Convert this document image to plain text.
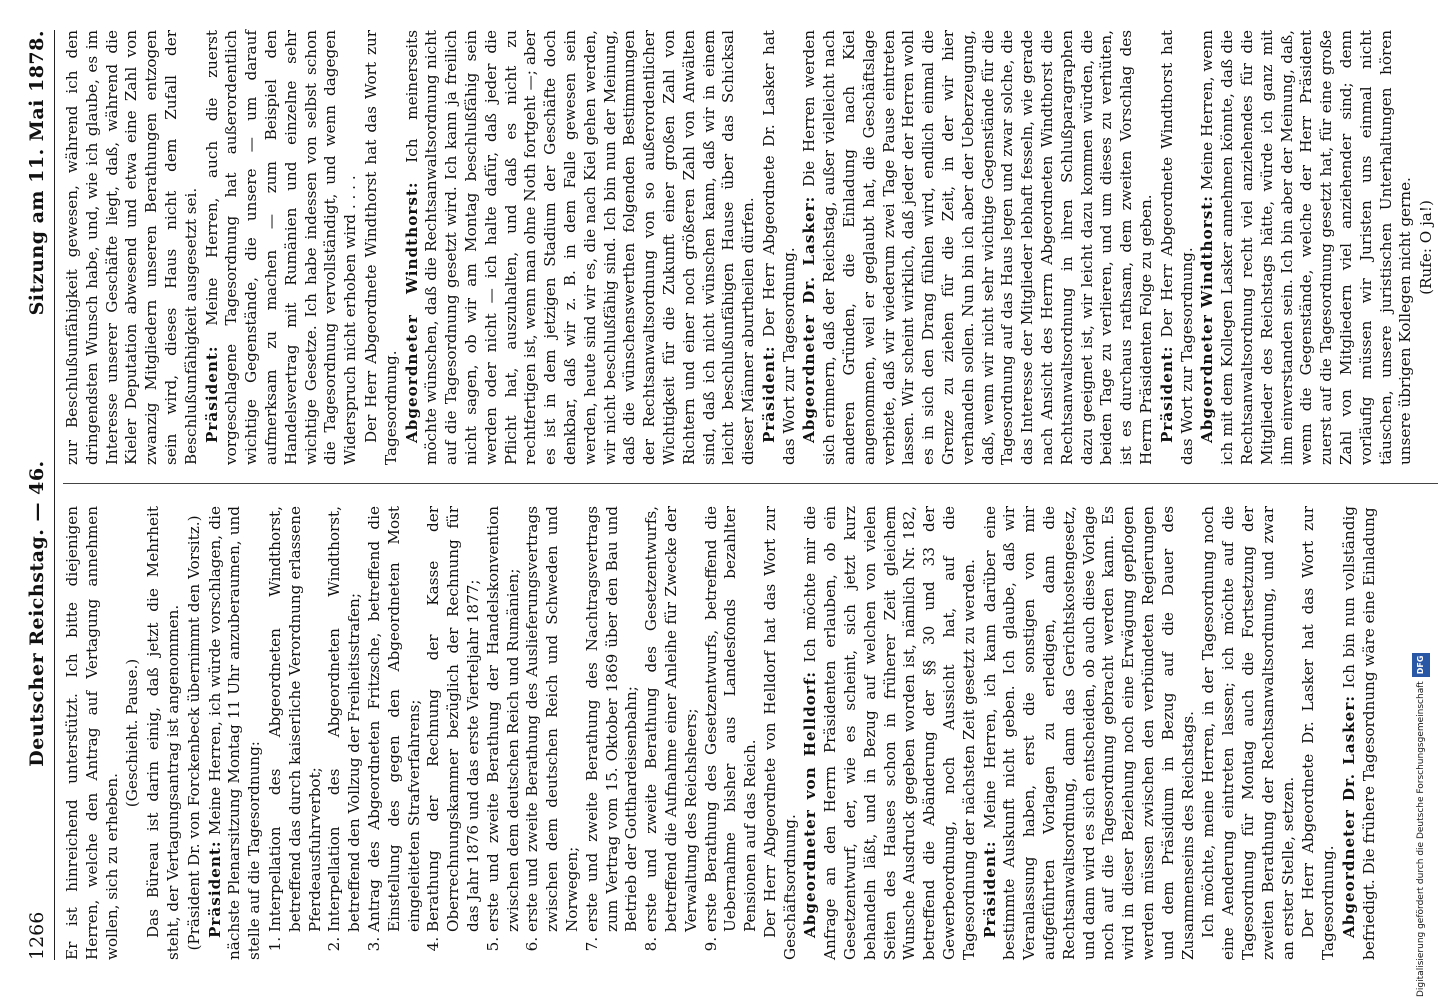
1266
Deutscher Reichstag. — 46.
Sitzung am 11. Mai 1878.

Er ist hinreichend unterstützt. Ich bitte diejenigen Herren, welche den Antrag auf Vertagung annehmen wollen, sich zu erheben.

(Geschieht. Pause.) Das Büreau ist darin einig, daß jetzt die Mehrheit steht, der Vertagungsantrag ist angenommen. (Präsident Dr. von Forckenbeck übernimmt den Vorsitz.) Präsident: Meine Herren, ich würde vorschlagen, die nächste Plenarsitzung Montag 11 Uhr anzuberaumen, und stelle auf die Tagesordnung: 1. Interpellation des Abgeordneten Windthorst, betreffend das durch kaiserliche Verordnung erlassene Pferdeausfuhrverbot; 2. Interpellation des Abgeordneten Windthorst, betreffend den Vollzug der Freiheitsstrafen; 3. Antrag des Abgeordneten Fritzsche, betreffend die Einstellung des gegen den Abgeordneten Most eingeleiteten Strafverfahrens; 4. Berathung der Rechnung der Kasse der Oberrechnungskammer bezüglich der Rechnung für das Jahr 1876 und das erste Vierteljahr 1877; 5. erste und zweite Berathung der Handelskonvention zwischen dem deutschen Reich und Rumänien; 6. erste und zweite Berathung des Auslieferungsvertrags zwischen dem deutschen Reich und Schweden und Norwegen; 7. erste und zweite Berathung des Nachtragsvertrags zum Vertrag vom 15. Oktober 1869 über den Bau und Betrieb der Gotthardeisenbahn; 8. erste und zweite Berathung des Gesetzentwurfs, betreffend die Aufnahme einer Anleihe für Zwecke der Verwaltung des Reichsheers; 9. erste Berathung des Gesetzentwurfs, betreffend die Uebernahme bisher aus Landesfonds bezahlter Pensionen auf das Reich. Der Herr Abgeordnete von Helldorf hat das Wort zur Geschäftsordnung. Abgeordneter von Helldorf: Ich möchte mir die Anfrage an den Herrn Präsidenten erlauben, ob ein Gesetzentwurf, der, wie es scheint, sich jetzt kurz behandeln läßt, und in Bezug auf welchen von vielen Seiten des Hauses schon in früherer Zeit gleichem Wunsche Ausdruck gegeben worden ist, nämlich Nr. 182, betreffend die Abänderung der §§ 30 und 33 der Gewerbeordnung, noch Aussicht hat, auf die Tagesordnung der nächsten Zeit gesetzt zu werden. Präsident: Meine Herren, ich kann darüber eine bestimmte Auskunft nicht geben. Ich glaube, daß wir Veranlassung haben, erst die sonstigen von mir aufgeführten Vorlagen zu erledigen, dann die Rechtsanwaltsordnung, dann das Gerichtskostengesetz, und dann wird es sich entscheiden, ob auch diese Vorlage noch auf die Tagesordnung gebracht werden kann. Es wird in dieser Beziehung noch eine Erwägung gepflogen werden müssen zwischen den verbündeten Regierungen und dem Präsidium in Bezug auf die Dauer des Zusammenseins des Reichstags. Ich möchte, meine Herren, in der Tagesordnung noch eine Aenderung eintreten lassen; ich möchte auf die Tagesordnung für Montag auch die Fortsetzung der zweiten Berathung der Rechtsanwaltsordnung, und zwar an erster Stelle, setzen. Der Herr Abgeordnete Dr. Lasker hat das Wort zur Tagesordnung. Abgeordneter Dr. Lasker: Ich bin nun vollständig befriedigt. Die frühere Tagesordnung wäre eine Einladung

zur Beschlußunfähigkeit gewesen, während ich den dringendsten Wunsch habe, und, wie ich glaube, es im Interesse unserer Geschäfte liegt, daß, während die Kieler Deputation abwesend und etwa eine Zahl von zwanzig Mitgliedern unseren Berathungen entzogen sein wird, dieses Haus nicht dem Zufall der Beschlußunfähigkeit ausgesetzt sei. Präsident: Meine Herren, auch die zuerst vorgeschlagene Tagesordnung hat außerordentlich wichtige Gegenstände, die unsere — um darauf aufmerksam zu machen — zum Beispiel den Handelsvertrag mit Rumänien und einzelne sehr wichtige Gesetze. Ich habe indessen von selbst schon die Tagesordnung vervollständigt, und wenn dagegen Widerspruch nicht erhoben wird . . . . Der Herr Abgeordnete Windthorst hat das Wort zur Tagesordnung. Abgeordneter Windthorst: Ich meinerseits möchte wünschen, daß die Rechtsanwaltsordnung nicht auf die Tagesordnung gesetzt wird. Ich kann ja freilich nicht sagen, ob wir am Montag beschlußfähig sein werden oder nicht — ich halte dafür, daß jeder die Pflicht hat, auszuhalten, und daß es nicht zu rechtfertigen ist, wenn man ohne Noth fortgeht —; aber es ist in dem jetzigen Stadium der Geschäfte doch denkbar, daß wir z. B. in dem Falle gewesen sein werden, heute sind wir es, die nach Kiel gehen werden, wir nicht beschlußfähig sind. Ich bin nun der Meinung, daß die wünschenswerthen folgenden Bestimmungen der Rechtsanwaltsordnung von so außerordentlicher Wichtigkeit für die Zukunft einer großen Zahl von Richtern und einer noch größeren Zahl von Anwälten sind, daß ich nicht wünschen kann, daß wir in einem leicht beschlußunfähigen Hause über das Schicksal dieser Männer aburtheilen dürfen. Präsident: Der Herr Abgeordnete Dr. Lasker hat das Wort zur Tagesordnung. Abgeordneter Dr. Lasker: Die Herren werden sich erinnern, daß der Reichstag, außer vielleicht nach anderen Gründen, die Einladung nach Kiel angenommen, weil er geglaubt hat, die Geschäftslage verbiete, daß wir wiederum zwei Tage Pause eintreten lassen. Wir scheint wirklich, daß jeder der Herren wohl es in sich den Drang fühlen wird, endlich einmal die Grenze zu ziehen für die Zeit, in der wir hier verhandeln sollen. Nun bin ich aber der Ueberzeugung, daß, wenn wir nicht sehr wichtige Gegenstände für die Tagesordnung auf das Haus legen und zwar solche, die das Interesse der Mitglieder lebhaft fesseln, wie gerade nach Ansicht des Herrn Abgeordneten Windthorst die Rechtsanwaltsordnung in ihren Schlußparagraphen dazu geeignet ist, wir leicht dazu kommen würden, die beiden Tage zu verlieren, und um dieses zu verhüten, ist es durchaus rathsam, dem zweiten Vorschlag des Herrn Präsidenten Folge zu geben. Präsident: Der Herr Abgeordnete Windthorst hat das Wort zur Tagesordnung. Abgeordneter Windthorst: Meine Herren, wenn ich mit dem Kollegen Lasker annehmen könnte, daß die Rechtsanwaltsordnung recht viel anziehendes für die Mitglieder des Reichstags hätte, würde ich ganz mit ihm einverstanden sein. Ich bin aber der Meinung, daß, wenn die Gegenstände, welche der Herr Präsident zuerst auf die Tagesordnung gesetzt hat, für eine große Zahl von Mitgliedern viel anziehender sind; denn vorläufig müssen wir Juristen uns einmal nicht täuschen, unsere juristischen Unterhaltungen hören unsere übrigen Kollegen nicht gerne. (Rufe: O ja!)

Digitalisierung gefördert durch die Deutsche ForschungsgemeinschaftDFG
